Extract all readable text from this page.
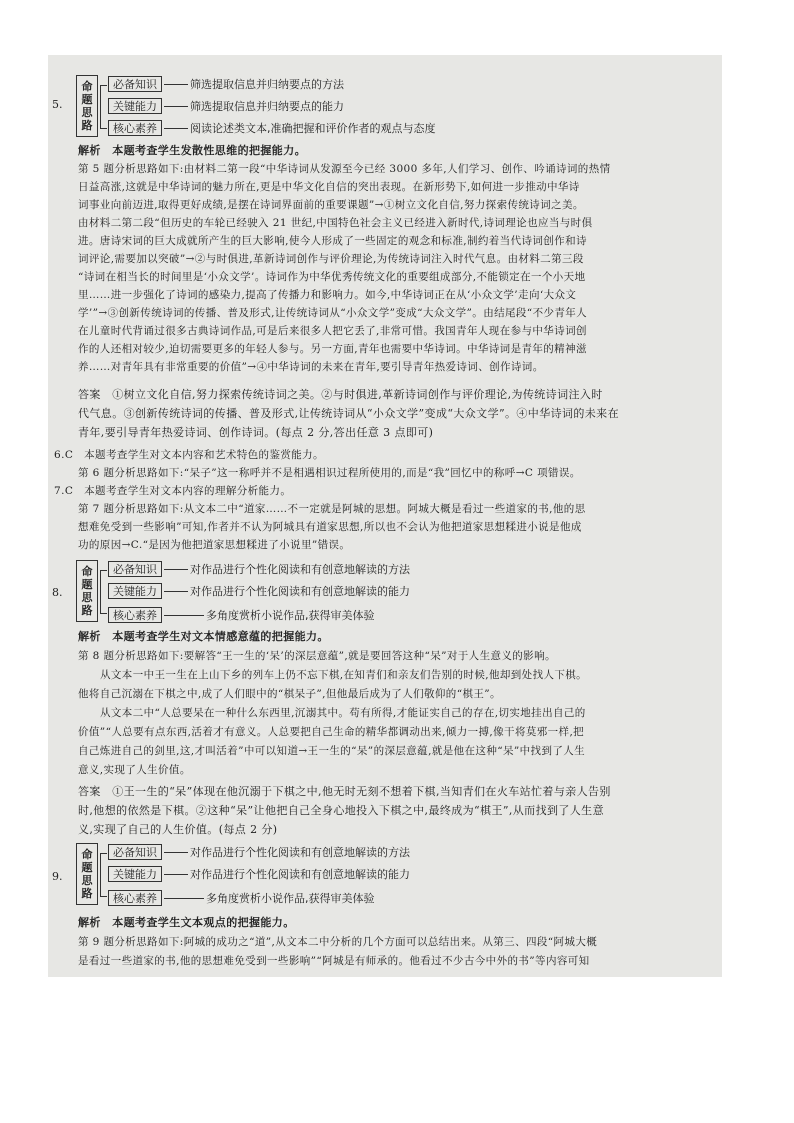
5.
命
题
思
路
必备知识	筛选提取信息并归纳要点的方法
关键能力	筛选提取信息并归纳要点的能力
核心素养	阅读论述类文本,准确把握和评价作者的观点与态度
解析　本题考查学生发散性思维的把握能力。
第 5 题分析思路如下:由材料二第一段“中华诗词从发源至今已经 3000 多年,人们学习、创作、吟诵诗词的热情
日益高涨,这就是中华诗词的魅力所在,更是中华文化自信的突出表现。在新形势下,如何进一步推动中华诗
词事业向前迈进,取得更好成绩,是摆在诗词界面前的重要课题”→①树立文化自信,努力探索传统诗词之美。
由材料二第二段“但历史的车轮已经驶入 21 世纪,中国特色社会主义已经进入新时代,诗词理论也应当与时俱
进。唐诗宋词的巨大成就所产生的巨大影响,使今人形成了一些固定的观念和标准,制约着当代诗词创作和诗
词评论,需要加以突破”→②与时俱进,革新诗词创作与评价理论,为传统诗词注入时代气息。由材料二第三段
“诗词在相当长的时间里是‘小众文学’。诗词作为中华优秀传统文化的重要组成部分,不能锁定在一个小天地
里……进一步强化了诗词的感染力,提高了传播力和影响力。如今,中华诗词正在从‘小众文学’走向‘大众文
学’”→③创新传统诗词的传播、普及形式,让传统诗词从“小众文学”变成“大众文学”。由结尾段“不少青年人
在儿童时代背诵过很多古典诗词作品,可是后来很多人把它丢了,非常可惜。我国青年人现在参与中华诗词创
作的人还相对较少,迫切需要更多的年轻人参与。另一方面,青年也需要中华诗词。中华诗词是青年的精神滋
养……对青年具有非常重要的价值”→④中华诗词的未来在青年,要引导青年热爱诗词、创作诗词。
答案　①树立文化自信,努力探索传统诗词之美。②与时俱进,革新诗词创作与评价理论,为传统诗词注入时
代气息。③创新传统诗词的传播、普及形式,让传统诗词从“小众文学”变成“大众文学”。④中华诗词的未来在
青年,要引导青年热爱诗词、创作诗词。(每点 2 分,答出任意 3 点即可)
6.C　本题考查学生对文本内容和艺术特色的鉴赏能力。
第 6 题分析思路如下:“呆子”这一称呼并不是相遇相识过程所使用的,而是“我”回忆中的称呼→C 项错误。
7.C　本题考查学生对文本内容的理解分析能力。
第 7 题分析思路如下:从文本二中“道家……不一定就是阿城的思想。阿城大概是看过一些道家的书,他的思
想难免受到一些影响”可知,作者并不认为阿城具有道家思想,所以也不会认为他把道家思想糅进小说是他成
功的原因→C.“是因为他把道家思想糅进了小说里”错误。
8.
命
题
思
路
必备知识	对作品进行个性化阅读和有创意地解读的方法
关键能力	对作品进行个性化阅读和有创意地解读的能力
核心素养	多角度赏析小说作品,获得审美体验
解析　本题考查学生对文本情感意蕴的把握能力。
第 8 题分析思路如下:要解答“王一生的‘呆’的深层意蕴”,就是要回答这种“呆”对于人生意义的影响。
从文本一中王一生在上山下乡的列车上仍不忘下棋,在知青们和亲友们告别的时候,他却到处找人下棋。
他将自己沉溺在下棋之中,成了人们眼中的“棋呆子”,但他最后成为了人们敬仰的“棋王”。
从文本二中“人总要呆在一种什么东西里,沉溺其中。苟有所得,才能证实自己的存在,切实地挂出自己的
价值”“人总要有点东西,活着才有意义。人总要把自己生命的精华都调动出来,倾力一搏,像干将莫邪一样,把
自己炼进自己的剑里,这,才叫活着”中可以知道→王一生的“呆”的深层意蕴,就是他在这种“呆”中找到了人生
意义,实现了人生价值。
答案　①王一生的“呆”体现在他沉溺于下棋之中,他无时无刻不想着下棋,当知青们在火车站忙着与亲人告别
时,他想的依然是下棋。②这种“呆”让他把自己全身心地投入下棋之中,最终成为“棋王”,从而找到了人生意
义,实现了自己的人生价值。(每点 2 分)
9.
命
题
思
路
必备知识	对作品进行个性化阅读和有创意地解读的方法
关键能力	对作品进行个性化阅读和有创意地解读的能力
核心素养	多角度赏析小说作品,获得审美体验
解析　本题考查学生文本观点的把握能力。
第 9 题分析思路如下:阿城的成功之“道”,从文本二中分析的几个方面可以总结出来。从第三、四段“阿城大概
是看过一些道家的书,他的思想难免受到一些影响”“阿城是有师承的。他看过不少古今中外的书”等内容可知
